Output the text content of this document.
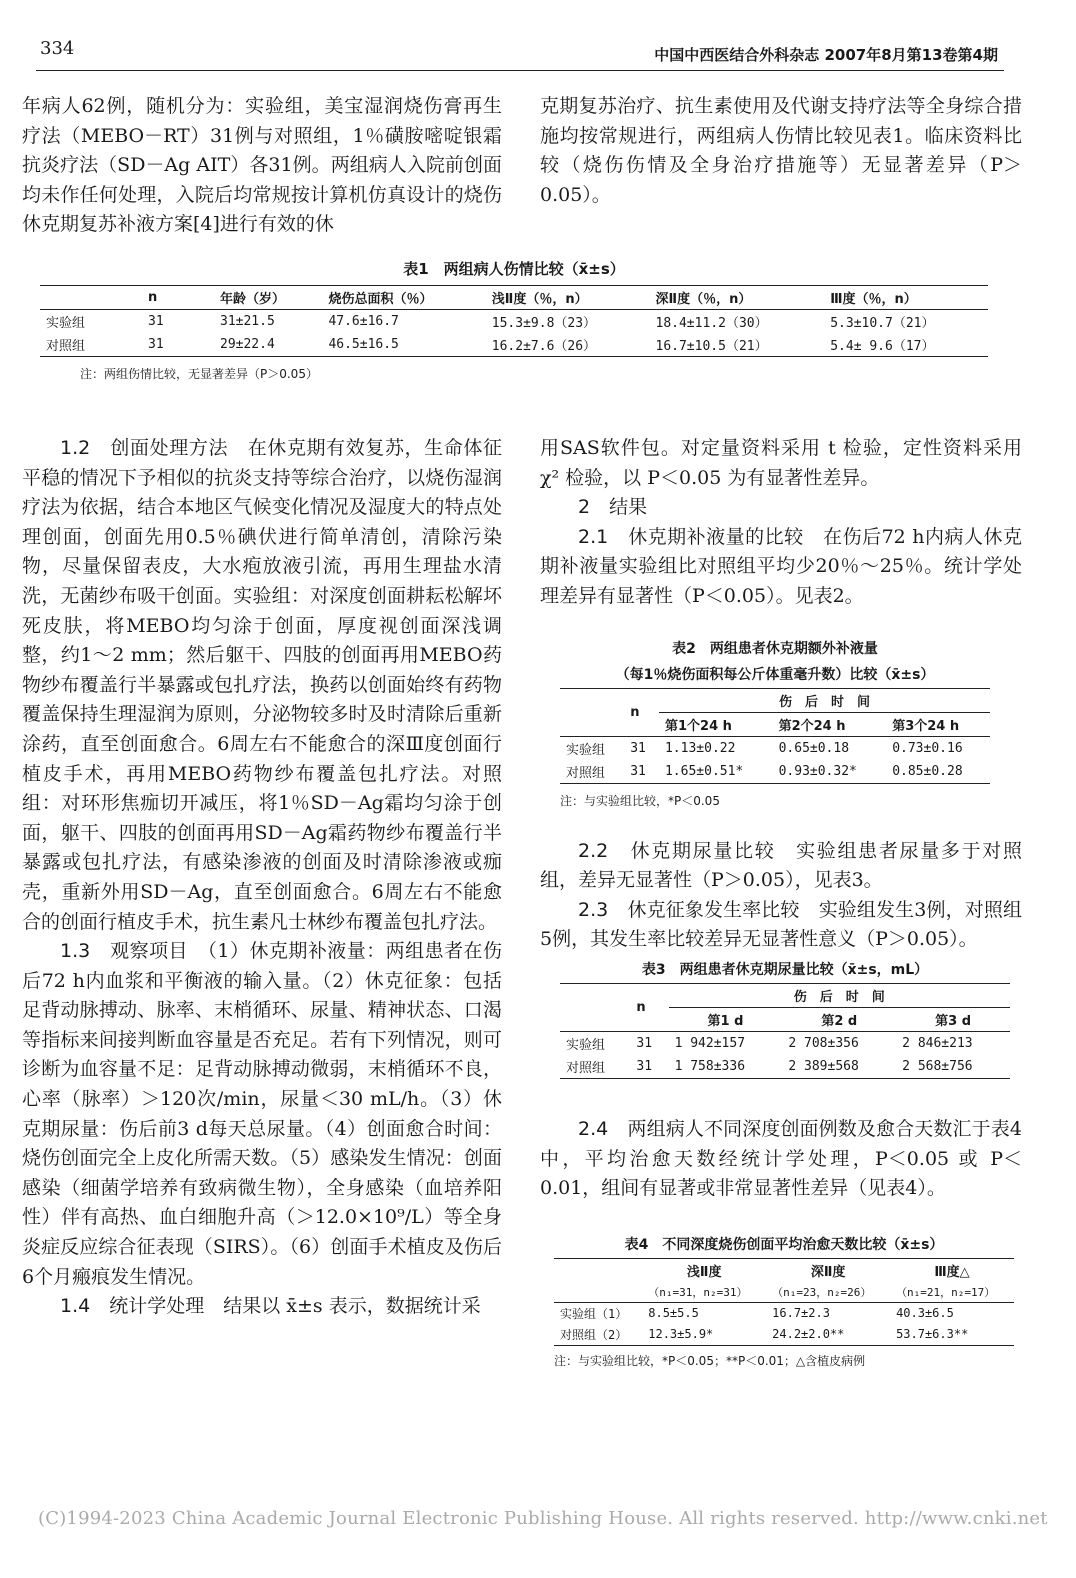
334	中国中西医结合外科杂志 2007年8月第13卷第4期

年病人62例，随机分为：实验组，美宝湿润烧伤膏再生疗法（MEBO－RT）31例与对照组，1％磺胺嘧啶银霜抗炎疗法（SD－Ag AIT）各31例。两组病人入院前创面均未作任何处理，入院后均常规按计算机仿真设计的烧伤休克期复苏补液方案[4]进行有效的休

克期复苏治疗、抗生素使用及代谢支持疗法等全身综合措施均按常规进行，两组病人伤情比较见表1。临床资料比较（烧伤伤情及全身治疗措施等）无显著差异（P＞0.05）。

表1　两组病人伤情比较（x̄±s）
	n	年龄（岁）	烧伤总面积（％）	浅Ⅱ度（％，n）	深Ⅱ度（％，n）	Ⅲ度（％，n）
实验组	31	31±21.5	47.6±16.7	15.3±9.8（23）	18.4±11.2（30）	5.3±10.7（21）
对照组	31	29±22.4	46.5±16.5	16.2±7.6（26）	16.7±10.5（21）	5.4± 9.6（17）
注：两组伤情比较，无显著差异（P＞0.05）

1.2　创面处理方法　 在休克期有效复苏，生命体征平稳的情况下予相似的抗炎支持等综合治疗，以烧伤湿润疗法为依据，结合本地区气候变化情况及湿度大的特点处理创面，创面先用0.5％碘伏进行简单清创，清除污染物，尽量保留表皮，大水疱放液引流，再用生理盐水清洗，无菌纱布吸干创面。实验组：对深度创面耕耘松解坏死皮肤，将MEBO均匀涂于创面，厚度视创面深浅调整，约1～2 mm；然后躯干、四肢的创面再用MEBO药物纱布覆盖行半暴露或包扎疗法，换药以创面始终有药物覆盖保持生理湿润为原则，分泌物较多时及时清除后重新涂药，直至创面愈合。6周左右不能愈合的深Ⅲ度创面行植皮手术，再用MEBO药物纱布覆盖包扎疗法。对照组：对环形焦痂切开减压，将1％SD－Ag霜均匀涂于创面，躯干、四肢的创面再用SD－Ag霜药物纱布覆盖行半暴露或包扎疗法，有感染渗液的创面及时清除渗液或痂壳，重新外用SD－Ag，直至创面愈合。6周左右不能愈合的创面行植皮手术，抗生素凡士林纱布覆盖包扎疗法。

1.3　观察项目　 （1）休克期补液量：两组患者在伤后72 h内血浆和平衡液的输入量。（2）休克征象：包括足背动脉搏动、脉率、末梢循环、尿量、精神状态、口渴等指标来间接判断血容量是否充足。若有下列情况，则可诊断为血容量不足：足背动脉搏动微弱，末梢循环不良，心率（脉率）＞120次/min，尿量＜30 mL/h。（3）休克期尿量：伤后前3 d每天总尿量。（4）创面愈合时间：烧伤创面完全上皮化所需天数。（5）感染发生情况：创面感染（细菌学培养有致病微生物），全身感染（血培养阳性）伴有高热、血白细胞升高（＞12.0×10⁹/L）等全身炎症反应综合征表现（SIRS）。（6）创面手术植皮及伤后6个月瘢痕发生情况。

1.4　统计学处理　 结果以 x̄±s 表示，数据统计采

用SAS软件包。对定量资料采用 t 检验，定性资料采用 χ² 检验，以 P＜0.05 为有显著性差异。

2　结果

2.1　休克期补液量的比较　 在伤后72 h内病人休克期补液量实验组比对照组平均少20％～25％。统计学处理差异有显著性（P＜0.05）。见表2。

表2　两组患者休克期额外补液量
（每1％烧伤面积每公斤体重毫升数）比较（x̄±s）
	n	伤　后　时　间		
		第1个24 h	第2个24 h	第3个24 h
实验组	31	1.13±0.22	0.65±0.18	0.73±0.16
对照组	31	1.65±0.51*	0.93±0.32*	0.85±0.28
注：与实验组比较，*P＜0.05

2.2　休克期尿量比较　 实验组患者尿量多于对照组，差异无显著性（P＞0.05），见表3。

2.3　休克征象发生率比较　 实验组发生3例，对照组5例，其发生率比较差异无显著性意义（P＞0.05）。

表3　两组患者休克期尿量比较（x̄±s，mL）
	n	伤　后　时　间		
		第1 d	第2 d	第3 d
实验组	31	1 942±157	2 708±356	2 846±213
对照组	31	1 758±336	2 389±568	2 568±756

2.4　 两组病人不同深度创面例数及愈合天数汇于表4中，平均治愈天数经统计学处理，P＜0.05 或 P＜0.01，组间有显著或非常显著性差异（见表4）。

表4　不同深度烧伤创面平均治愈天数比较（x̄±s）
	浅Ⅱ度	深Ⅱ度	Ⅲ度△
	（n₁=31，n₂=31）	（n₁=23，n₂=26）	（n₁=21，n₂=17）
实验组（1）	8.5±5.5	16.7±2.3	40.3±6.5
对照组（2）	12.3±5.9*	24.2±2.0**	53.7±6.3**
注：与实验组比较，*P＜0.05；**P＜0.01；△含植皮病例
(C)1994-2023 China Academic Journal Electronic Publishing House. All rights reserved. http://www.cnki.net
